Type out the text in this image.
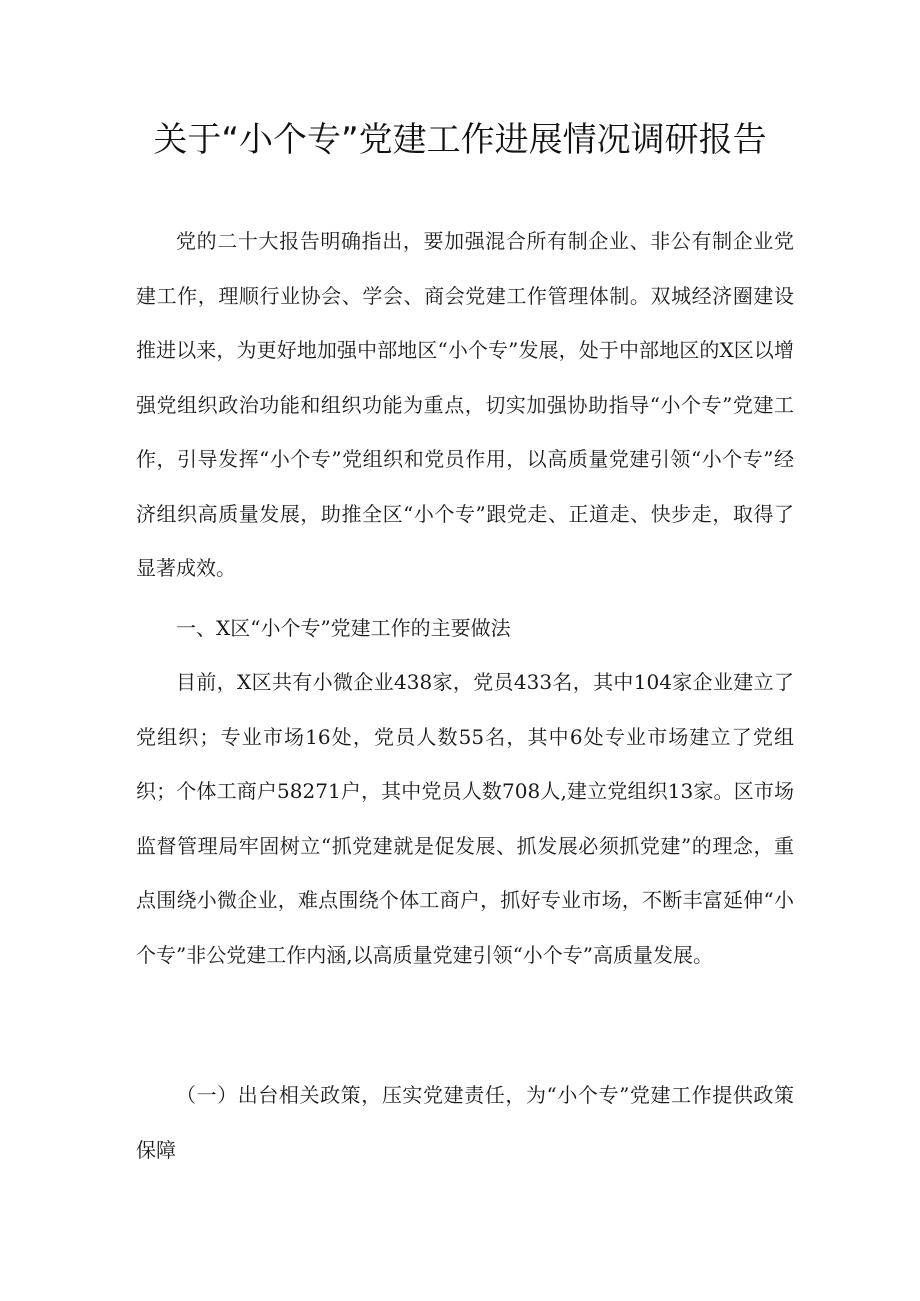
关于“小个专”党建工作进展情况调研报告

党的二十大报告明确指出，要加强混合所有制企业、非公有制企业党建工作，理顺行业协会、学会、商会党建工作管理体制。双城经济圈建设推进以来，为更好地加强中部地区“小个专”发展，处于中部地区的X区以增强党组织政治功能和组织功能为重点，切实加强协助指导“小个专”党建工作，引导发挥“小个专”党组织和党员作用，以高质量党建引领“小个专”经济组织高质量发展，助推全区“小个专”跟党走、正道走、快步走，取得了显著成效。

一、X区“小个专”党建工作的主要做法

目前，X区共有小微企业438家，党员433名，其中104家企业建立了党组织；专业市场16处，党员人数55名，其中6处专业市场建立了党组织；个体工商户58271户，其中党员人数708人,建立党组织13家。区市场监督管理局牢固树立“抓党建就是促发展、抓发展必须抓党建”的理念，重点围绕小微企业，难点围绕个体工商户，抓好专业市场，不断丰富延伸“小个专”非公党建工作内涵,以高质量党建引领“小个专”高质量发展。

（一）出台相关政策，压实党建责任，为“小个专”党建工作提供政策保障
